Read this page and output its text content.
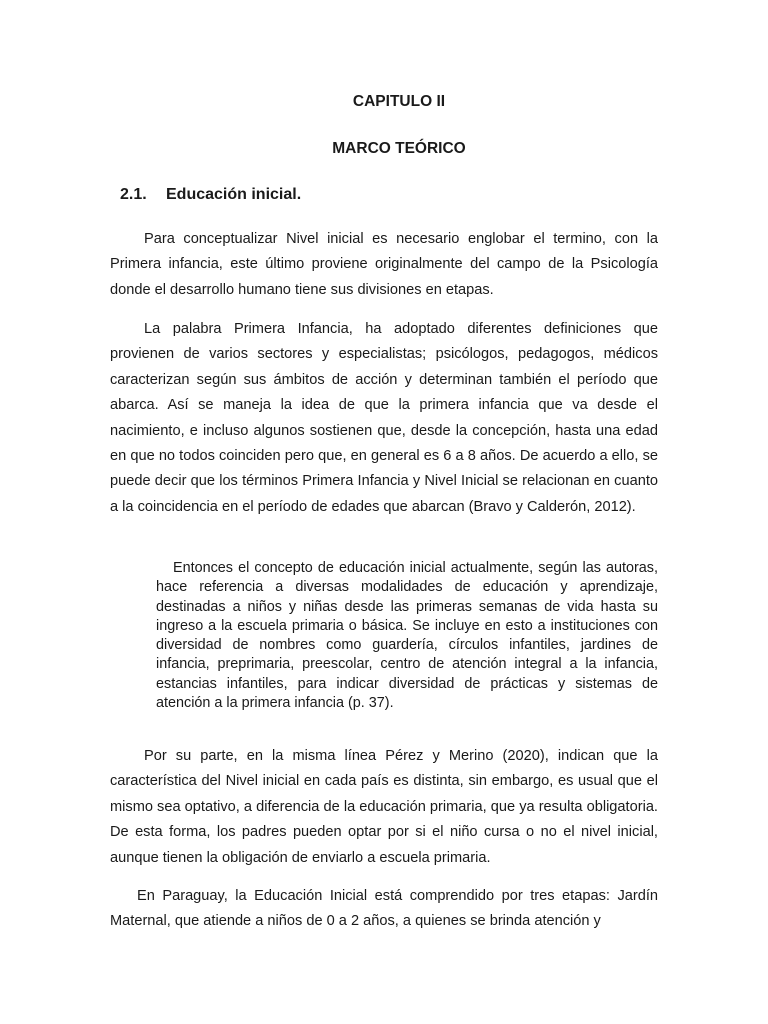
CAPITULO II
MARCO TEÓRICO
2.1. Educación inicial.

Para conceptualizar Nivel inicial es necesario englobar el termino, con la Primera infancia, este último proviene originalmente del campo de la Psicología donde el desarrollo humano tiene sus divisiones en etapas.

La palabra Primera Infancia, ha adoptado diferentes definiciones que provienen de varios sectores y especialistas; psicólogos, pedagogos, médicos caracterizan según sus ámbitos de acción y determinan también el período que abarca. Así se maneja la idea de que la primera infancia que va desde el nacimiento, e incluso algunos sostienen que, desde la concepción, hasta una edad en que no todos coinciden pero que, en general es 6 a 8 años. De acuerdo a ello, se puede decir que los términos Primera Infancia y Nivel Inicial se relacionan en cuanto a la coincidencia en el período de edades que abarcan (Bravo y Calderón, 2012).

Entonces el concepto de educación inicial actualmente, según las autoras, hace referencia a diversas modalidades de educación y aprendizaje, destinadas a niños y niñas desde las primeras semanas de vida hasta su ingreso a la escuela primaria o básica. Se incluye en esto a instituciones con diversidad de nombres como guardería, círculos infantiles, jardines de infancia, preprimaria, preescolar, centro de atención integral a la infancia, estancias infantiles, para indicar diversidad de prácticas y sistemas de atención a la primera infancia (p. 37).

Por su parte, en la misma línea Pérez y Merino (2020), indican que la característica del Nivel inicial en cada país es distinta, sin embargo, es usual que el mismo sea optativo, a diferencia de la educación primaria, que ya resulta obligatoria. De esta forma, los padres pueden optar por si el niño cursa o no el nivel inicial, aunque tienen la obligación de enviarlo a escuela primaria.

En Paraguay, la Educación Inicial está comprendido por tres etapas: Jardín Maternal, que atiende a niños de 0 a 2 años, a quienes se brinda atención y
